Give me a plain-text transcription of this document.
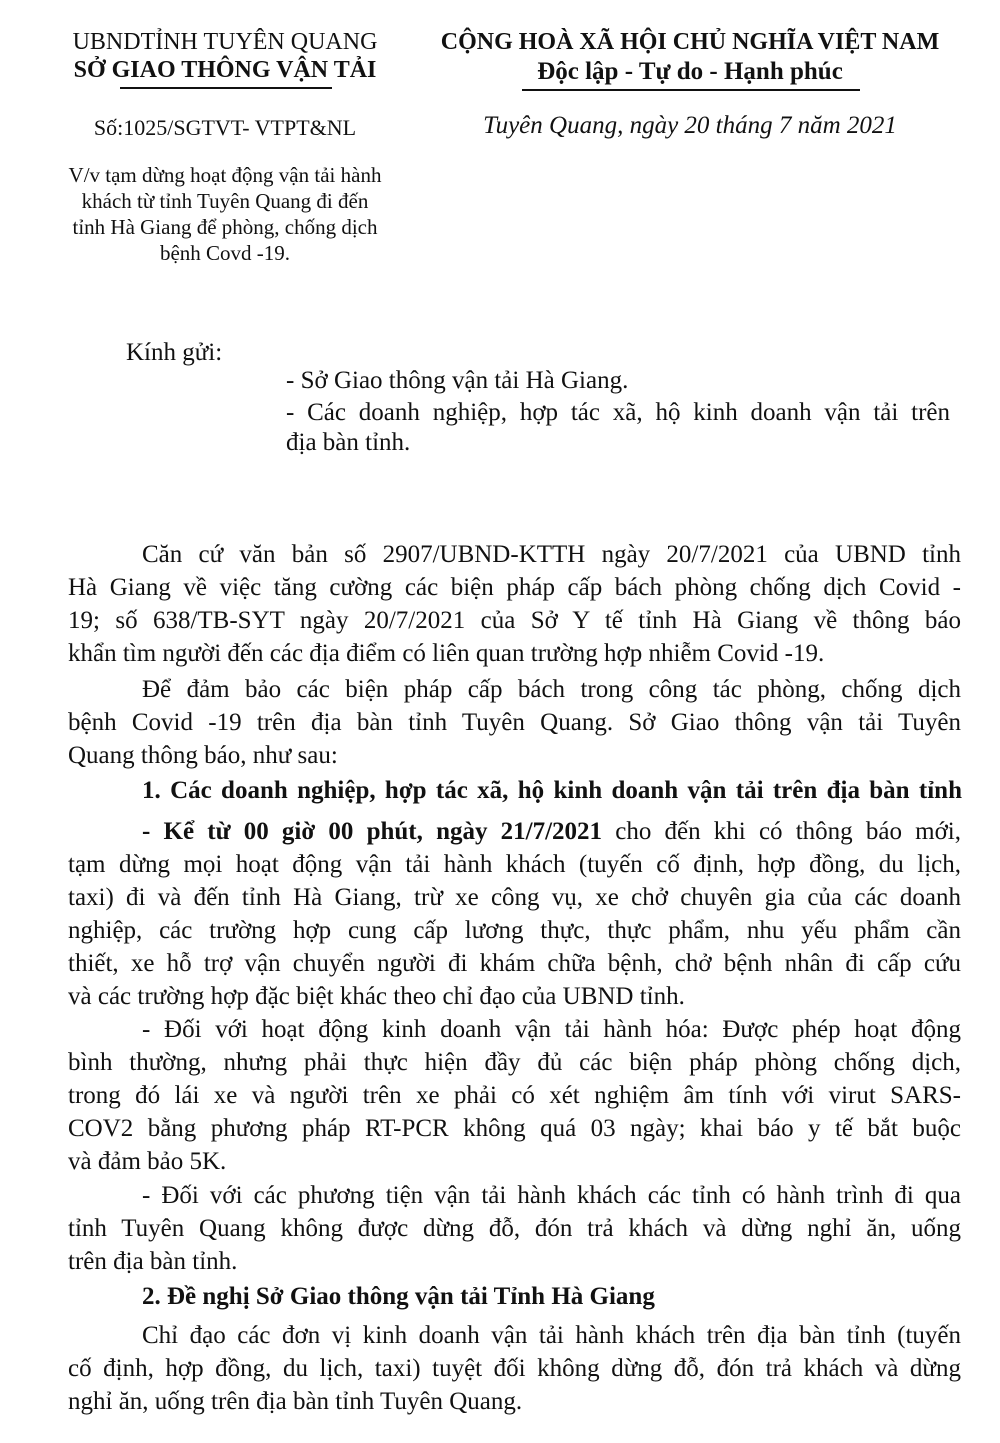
UBNDTỈNH TUYÊN QUANG
SỞ GIAO THÔNG VẬN TẢI
Số:1025/SGTVT- VTPT&NL
V/v tạm dừng hoạt động vận tải hành
khách từ tỉnh Tuyên Quang đi đến
tỉnh Hà Giang để phòng, chống dịch
bệnh Covd -19.
CỘNG HOÀ XÃ HỘI CHỦ NGHĨA VIỆT NAM
Độc lập - Tự do - Hạnh phúc
Tuyên Quang, ngày 20 tháng 7 năm 2021
Kính gửi:
- Sở Giao thông vận tải Hà Giang.
- Các doanh nghiệp, hợp tác xã, hộ kinh doanh vận tải trên
địa bàn tỉnh.
Căn cứ văn bản số 2907/UBND-KTTH ngày 20/7/2021 của UBND tỉnh
Hà Giang về việc tăng cường các biện pháp cấp bách phòng chống dịch Covid -
19; số 638/TB-SYT ngày 20/7/2021 của Sở Y tế tỉnh Hà Giang về thông báo
khẩn tìm người đến các địa điểm có liên quan trường hợp nhiễm Covid -19.
Để đảm bảo các biện pháp cấp bách trong công tác phòng, chống dịch
bệnh Covid -19 trên địa bàn tỉnh Tuyên Quang. Sở Giao thông vận tải Tuyên
Quang thông báo, như sau:
1. Các doanh nghiệp, hợp tác xã, hộ kinh doanh vận tải trên địa bàn tỉnh
- Kể từ 00 giờ 00 phút, ngày 21/7/2021 cho đến khi có thông báo mới,
tạm dừng mọi hoạt động vận tải hành khách (tuyến cố định, hợp đồng, du lịch,
taxi) đi và đến tỉnh Hà Giang, trừ xe công vụ, xe chở chuyên gia của các doanh
nghiệp, các trường hợp cung cấp lương thực, thực phẩm, nhu yếu phẩm cần
thiết, xe hỗ trợ vận chuyển người đi khám chữa bệnh, chở bệnh nhân đi cấp cứu
và các trường hợp đặc biệt khác theo chỉ đạo của UBND tỉnh.
- Đối với hoạt động kinh doanh vận tải hành hóa: Được phép hoạt động
bình thường, nhưng phải thực hiện đầy đủ các biện pháp phòng chống dịch,
trong đó lái xe và người trên xe phải có xét nghiệm âm tính với virut SARS-
COV2 bằng phương pháp RT-PCR không quá 03 ngày; khai báo y tế bắt buộc
và đảm bảo 5K.
- Đối với các phương tiện vận tải hành khách các tỉnh có hành trình đi qua
tỉnh Tuyên Quang không được dừng đỗ, đón trả khách và dừng nghỉ ăn, uống
trên địa bàn tỉnh.
2. Đề nghị Sở Giao thông vận tải Tỉnh Hà Giang
Chỉ đạo các đơn vị kinh doanh vận tải hành khách trên địa bàn tỉnh (tuyến
cố định, hợp đồng, du lịch, taxi) tuyệt đối không dừng đỗ, đón trả khách và dừng
nghỉ ăn, uống trên địa bàn tỉnh Tuyên Quang.
